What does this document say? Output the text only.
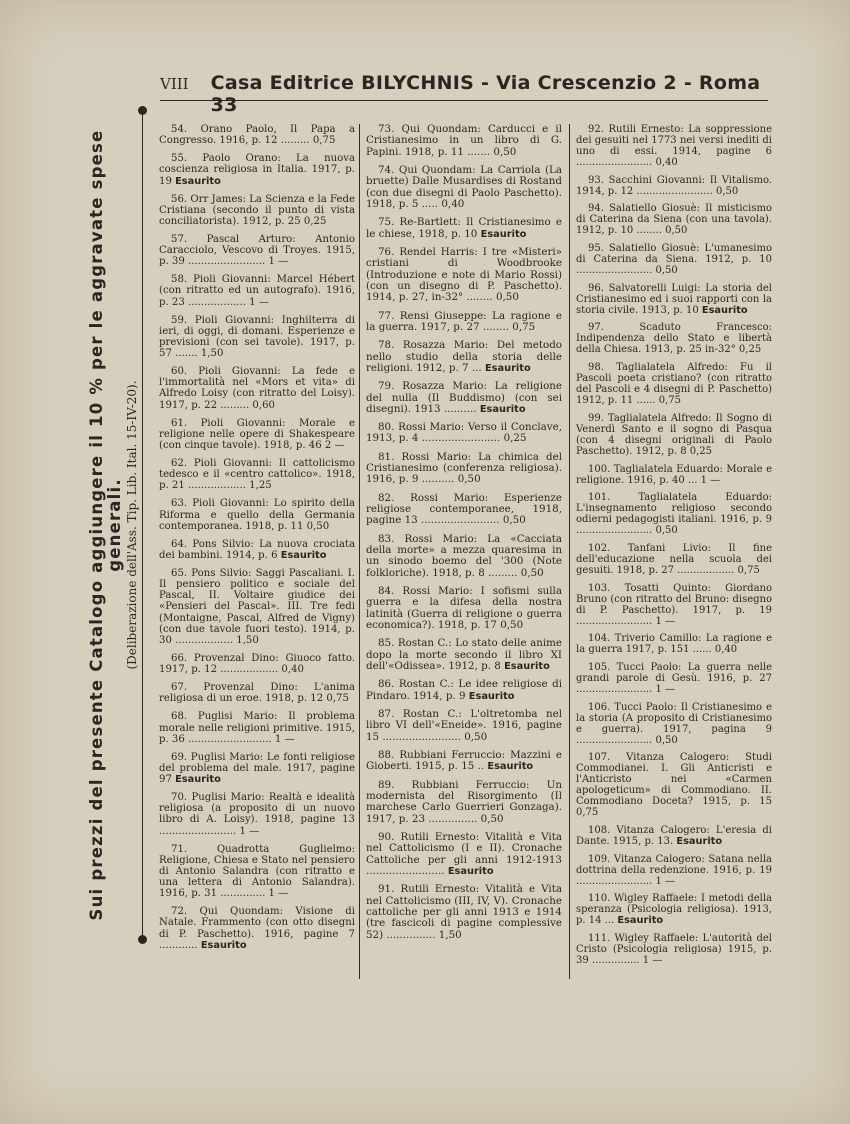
VIII Casa Editrice BILYCHNIS - Via Crescenzio 2 - Roma 33
Sui prezzi del presente Catalogo aggiungere il 10 % per le aggravate spese generali. (Deliberazione dell'Ass. Tip. Lib. Ital. 15-IV-20).

54. Orano Paolo, Il Papa a Congresso. 1916, p. 12 ......... 0,75

55. Paolo Orano: La nuova coscienza religiosa in Italia. 1917, p. 19 Esaurito

56. Orr James: La Scienza e la Fede Cristiana (secondo il punto di vista conciliatorista). 1912, p. 25 0,25

57. Pascal Arturo: Antonio Caracciolo, Vescovo di Troyes. 1915, p. 39 ........................ 1 —

58. Pioli Giovanni: Marcel Hébert (con ritratto ed un autografo). 1916, p. 23 .................. 1 —

59. Pioli Giovanni: Inghilterra di ieri, di oggi, di domani. Esperienze e previsioni (con sei tavole). 1917, p. 57 ....... 1,50

60. Pioli Giovanni: La fede e l'immortalità nel «Mors et vita» di Alfredo Loisy (con ritratto del Loisy). 1917, p. 22 ......... 0,60

61. Pioli Giovanni: Morale e religione nelle opere di Shakespeare (con cinque tavole). 1918, p. 46 2 —

62. Pioli Giovanni: Il cattolicismo tedesco e il «centro cattolico». 1918, p. 21 .................. 1,25

63. Pioli Giovanni: Lo spirito della Riforma e quello della Germania contemporanea. 1918, p. 11 0,50

64. Pons Silvio: La nuova crociata dei bambini. 1914, p. 6 Esaurito

65. Pons Silvio: Saggi Pascaliani. I. Il pensiero politico e sociale del Pascal, II. Voltaire giudice dei «Pensieri del Pascal». III. Tre fedi (Montaigne, Pascal, Alfred de Vigny) (con due tavole fuori testo). 1914, p. 30 .................. 1,50

66. Provenzal Dino: Giuoco fatto. 1917, p. 12 .................. 0,40

67. Provenzal Dino: L'anima religiosa di un eroe. 1918, p. 12 0,75

68. Puglisi Mario: Il problema morale nelle religioni primitive. 1915, p. 36 .......................... 1 —

69. Puglisi Mario: Le fonti religiose del problema del male. 1917, pagine 97 Esaurito

70. Puglisi Mario: Realtà e idealità religiosa (a proposito di un nuovo libro di A. Loisy). 1918, pagine 13 ........................ 1 —

71. Quadrotta Guglielmo: Religione, Chiesa e Stato nel pensiero di Antonio Salandra (con ritratto e una lettera di Antonio Salandra). 1916, p. 31 .............. 1 —

72. Qui Quondam: Visione di Natale. Frammento (con otto disegni di P. Paschetto). 1916, pagine 7 ............ Esaurito

73. Qui Quondam: Carducci e il Cristianesimo in un libro di G. Papini. 1918, p. 11 ....... 0,50

74. Qui Quondam: La Carriola (La bruette) Dalle Musardises di Rostand (con due disegni di Paolo Paschetto). 1918, p. 5 ..... 0,40

75. Re-Bartlett: Il Cristianesimo e le chiese, 1918, p. 10 Esaurito

76. Rendel Harris: I tre «Misteri» cristiani di Woodbrooke (Introduzione e note di Mario Rossi) (con un disegno di P. Paschetto). 1914, p. 27, in-32° ........ 0,50

77. Rensi Giuseppe: La ragione e la guerra. 1917, p. 27 ........ 0,75

78. Rosazza Mario: Del metodo nello studio della storia delle religioni. 1912, p. 7 ... Esaurito

79. Rosazza Mario: La religione del nulla (Il Buddismo) (con sei disegni). 1913 .......... Esaurito

80. Rossi Mario: Verso il Conclave, 1913, p. 4 ........................ 0,25

81. Rossi Mario: La chimica del Cristianesimo (conferenza religiosa). 1916, p. 9 .......... 0,50

82. Rossi Mario: Esperienze religiose contemporanee, 1918, pagine 13 ........................ 0,50

83. Rossi Mario: La «Cacciata della morte» a mezza quaresima in un sinodo boemo del '300 (Note folkloriche). 1918, p. 8 ......... 0,50

84. Rossi Mario: I sofismi sulla guerra e la difesa della nostra latinità (Guerra di religione o guerra economica?). 1918, p. 17 0,50

85. Rostan C.: Lo stato delle anime dopo la morte secondo il libro XI dell'«Odissea». 1912, p. 8 Esaurito

86. Rostan C.: Le idee religiose di Pindaro. 1914, p. 9 Esaurito

87. Rostan C.: L'oltretomba nel libro VI dell'«Eneide». 1916, pagine 15 ........................ 0,50

88. Rubbiani Ferruccio: Mazzini e Gioberti. 1915, p. 15 .. Esaurito

89. Rubbiani Ferruccio: Un modernista del Risorgimento (Il marchese Carlo Guerrieri Gonzaga). 1917, p. 23 ............... 0,50

90. Rutili Ernesto: Vitalità e Vita nel Cattolicismo (I e II). Cronache Cattoliche per gli anni 1912-1913 ........................ Esaurito

91. Rutili Ernesto: Vitalità e Vita nel Cattolicismo (III, IV, V). Cronache cattoliche per gli anni 1913 e 1914 (tre fascicoli di pagine complessive 52) ............... 1,50

92. Rutili Ernesto: La soppressione dei gesuiti nel 1773 nei versi inediti di uno di essi. 1914, pagine 6 ........................ 0,40

93. Sacchini Giovanni: Il Vitalismo. 1914, p. 12 ........................ 0,50

94. Salatiello Giosuè: Il misticismo di Caterina da Siena (con una tavola). 1912, p. 10 ........ 0,50

95. Salatiello Giosuè: L'umanesimo di Caterina da Siena. 1912, p. 10 ........................ 0,50

96. Salvatorelli Luigi: La storia del Cristianesimo ed i suoi rapporti con la storia civile. 1913, p. 10 Esaurito

97. Scaduto Francesco: Indipendenza dello Stato e libertà della Chiesa. 1913, p. 25 in-32° 0,25

98. Taglialatela Alfredo: Fu il Pascoli poeta cristiano? (con ritratto del Pascoli e 4 disegni di P. Paschetto) 1912, p. 11 ...... 0,75

99. Taglialatela Alfredo: Il Sogno di Venerdì Santo e il sogno di Pasqua (con 4 disegni originali di Paolo Paschetto). 1912, p. 8 0,25

100. Taglialatela Eduardo: Morale e religione. 1916, p. 40 ... 1 —

101. Taglialatela Eduardo: L'insegnamento religioso secondo odierni pedagogisti italiani. 1916, p. 9 ........................ 0,50

102. Tanfani Livio: Il fine dell'educazione nella scuola dei gesuiti. 1918, p. 27 .................. 0,75

103. Tosatti Quinto: Giordano Bruno (con ritratto del Bruno: disegno di P. Paschetto). 1917, p. 19 ........................ 1 —

104. Triverio Camillo: La ragione e la guerra 1917, p. 151 ...... 0,40

105. Tucci Paolo: La guerra nelle grandi parole di Gesù. 1916, p. 27 ........................ 1 —

106. Tucci Paolo: Il Cristianesimo e la storia (A proposito di Cristianesimo e guerra). 1917, pagina 9 ........................ 0,50

107. Vitanza Calogero: Studi Commodianei. I. Gli Anticristi e l'Anticristo nei «Carmen apologeticum» di Commodiano. II. Commodiano Doceta? 1915, p. 15 0,75

108. Vitanza Calogero: L'eresia di Dante. 1915, p. 13. Esaurito

109. Vitanza Calogero: Satana nella dottrina della redenzione. 1916, p. 19 ........................ 1 —

110. Wigley Raffaele: I metodi della speranza (Psicologia religiosa). 1913, p. 14 ... Esaurito

111. Wigley Raffaele: L'autorità del Cristo (Psicologia religiosa) 1915, p. 39 ............... 1 —
